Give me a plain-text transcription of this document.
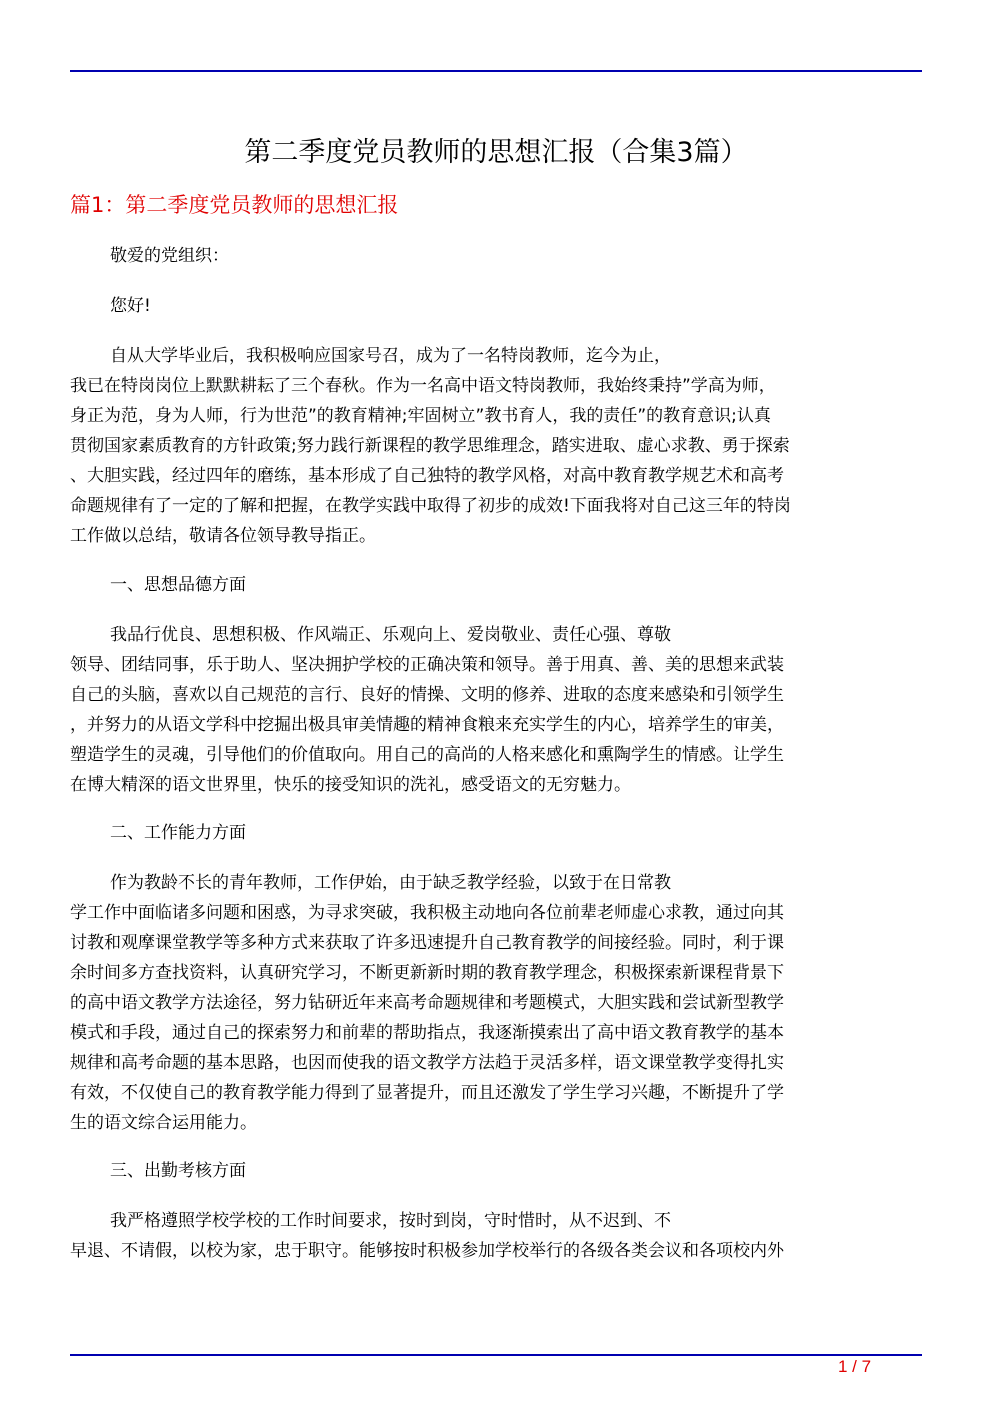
第二季度党员教师的思想汇报（合集3篇）
篇1：第二季度党员教师的思想汇报
敬爱的党组织：
您好!
自从大学毕业后，我积极响应国家号召，成为了一名特岗教师，迄今为止，
我已在特岗岗位上默默耕耘了三个春秋。作为一名高中语文特岗教师，我始终秉持”学高为师，
身正为范，身为人师，行为世范”的教育精神;牢固树立”教书育人，我的责任”的教育意识;认真
贯彻国家素质教育的方针政策;努力践行新课程的教学思维理念，踏实进取、虚心求教、勇于探索
、大胆实践，经过四年的磨练，基本形成了自己独特的教学风格，对高中教育教学规艺术和高考
命题规律有了一定的了解和把握，在教学实践中取得了初步的成效!下面我将对自己这三年的特岗
工作做以总结，敬请各位领导教导指正。
一、思想品德方面
我品行优良、思想积极、作风端正、乐观向上、爱岗敬业、责任心强、尊敬
领导、团结同事，乐于助人、坚决拥护学校的正确决策和领导。善于用真、善、美的思想来武装
自己的头脑，喜欢以自己规范的言行、良好的情操、文明的修养、进取的态度来感染和引领学生
，并努力的从语文学科中挖掘出极具审美情趣的精神食粮来充实学生的内心，培养学生的审美，
塑造学生的灵魂，引导他们的价值取向。用自己的高尚的人格来感化和熏陶学生的情感。让学生
在博大精深的语文世界里，快乐的接受知识的洗礼，感受语文的无穷魅力。
二、工作能力方面
作为教龄不长的青年教师，工作伊始，由于缺乏教学经验，以致于在日常教
学工作中面临诸多问题和困惑，为寻求突破，我积极主动地向各位前辈老师虚心求教，通过向其
讨教和观摩课堂教学等多种方式来获取了许多迅速提升自己教育教学的间接经验。同时，利于课
余时间多方查找资料，认真研究学习，不断更新新时期的教育教学理念，积极探索新课程背景下
的高中语文教学方法途径，努力钻研近年来高考命题规律和考题模式，大胆实践和尝试新型教学
模式和手段，通过自己的探索努力和前辈的帮助指点，我逐渐摸索出了高中语文教育教学的基本
规律和高考命题的基本思路，也因而使我的语文教学方法趋于灵活多样，语文课堂教学变得扎实
有效，不仅使自己的教育教学能力得到了显著提升，而且还激发了学生学习兴趣，不断提升了学
生的语文综合运用能力。
三、出勤考核方面
我严格遵照学校学校的工作时间要求，按时到岗，守时惜时，从不迟到、不
早退、不请假，以校为家，忠于职守。能够按时积极参加学校举行的各级各类会议和各项校内外
1 / 7
